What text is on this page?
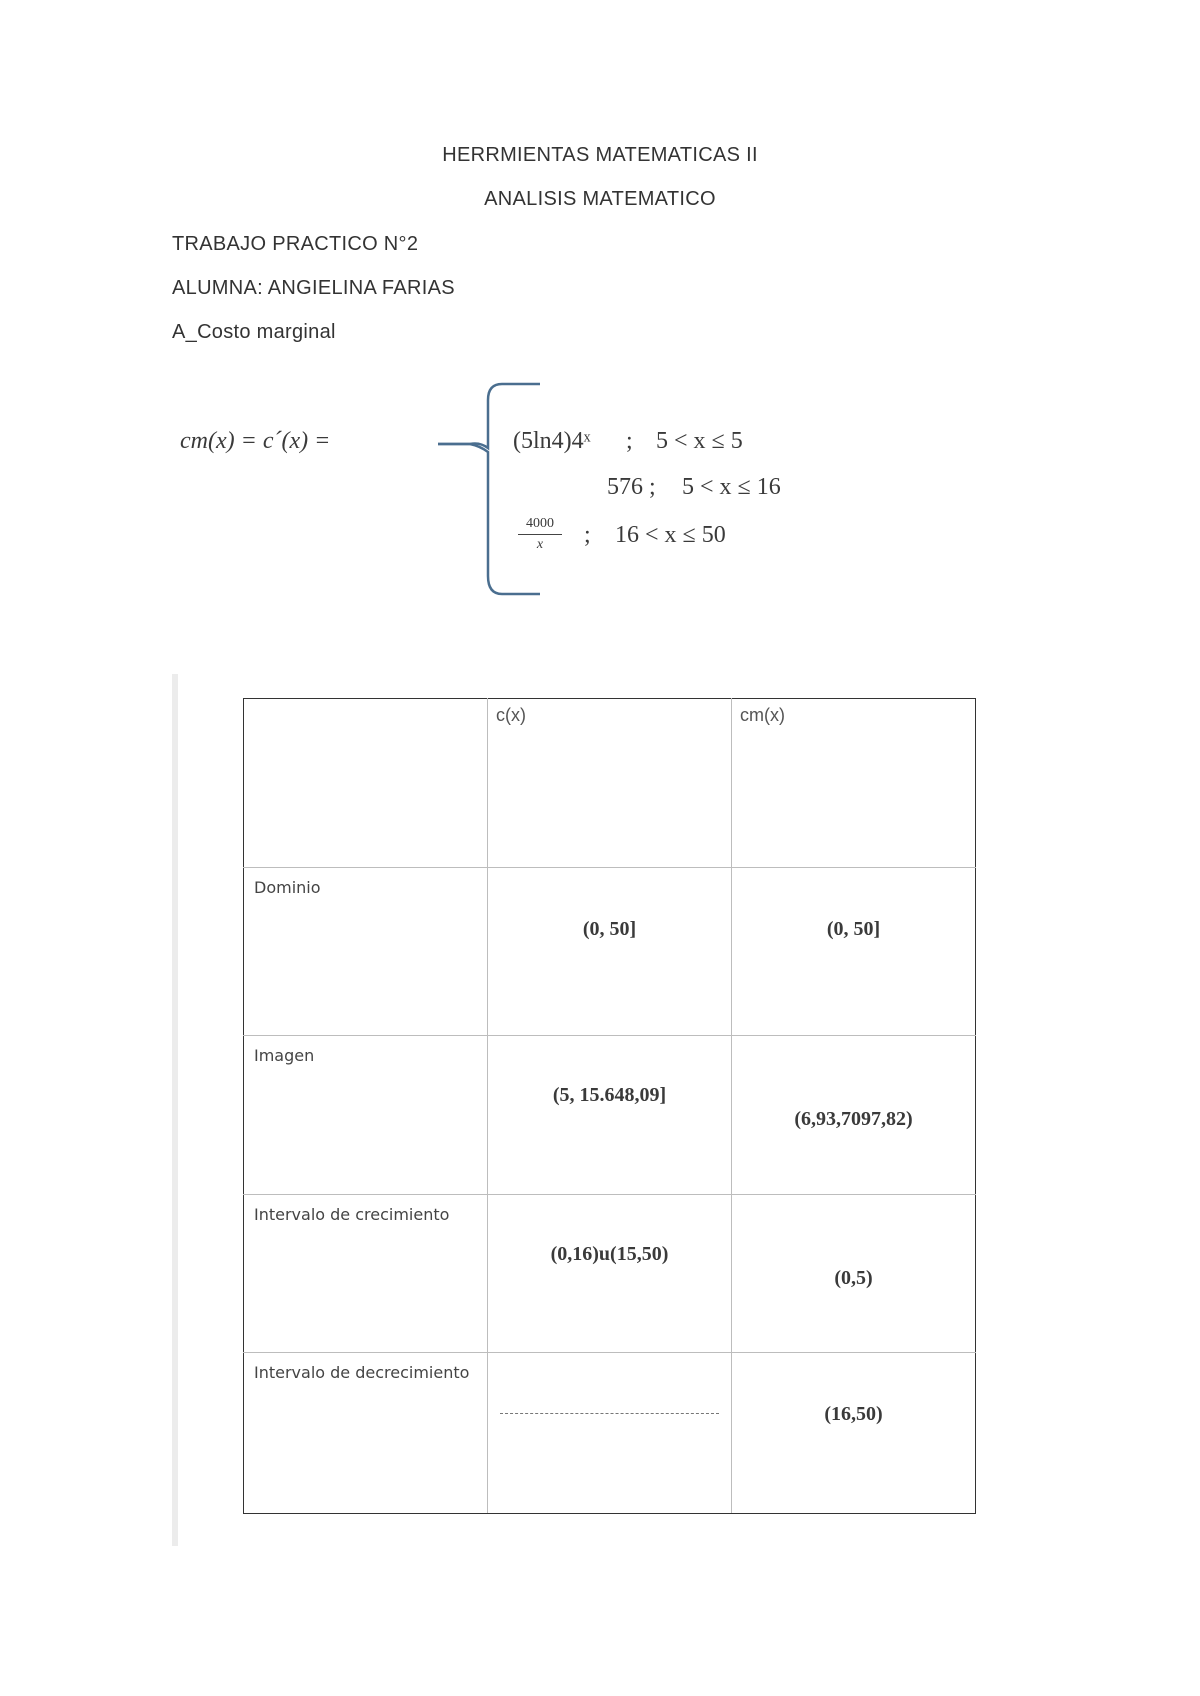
HERRMIENTAS MATEMATICAS II
ANALISIS MATEMATICO
TRABAJO PRACTICO N°2
ALUMNA: ANGIELINA FARIAS
A_Costo marginal
cm(x) = c´(x) =	(5ln4)4ˣ ; 5 < x ≤ 5
576 ; 5 < x ≤ 16
$\frac{4000}{x}$ ; 16 < x ≤ 50

	c(x)	cm(x)

Dominio	(0, 50]	(0, 50]

Imagen	(5, 15.648,09]	(6,93,7097,82)

Intervalo de crecimiento	(0,16)u(15,50)	(0,5)

Intervalo de decrecimiento		(16,50)
